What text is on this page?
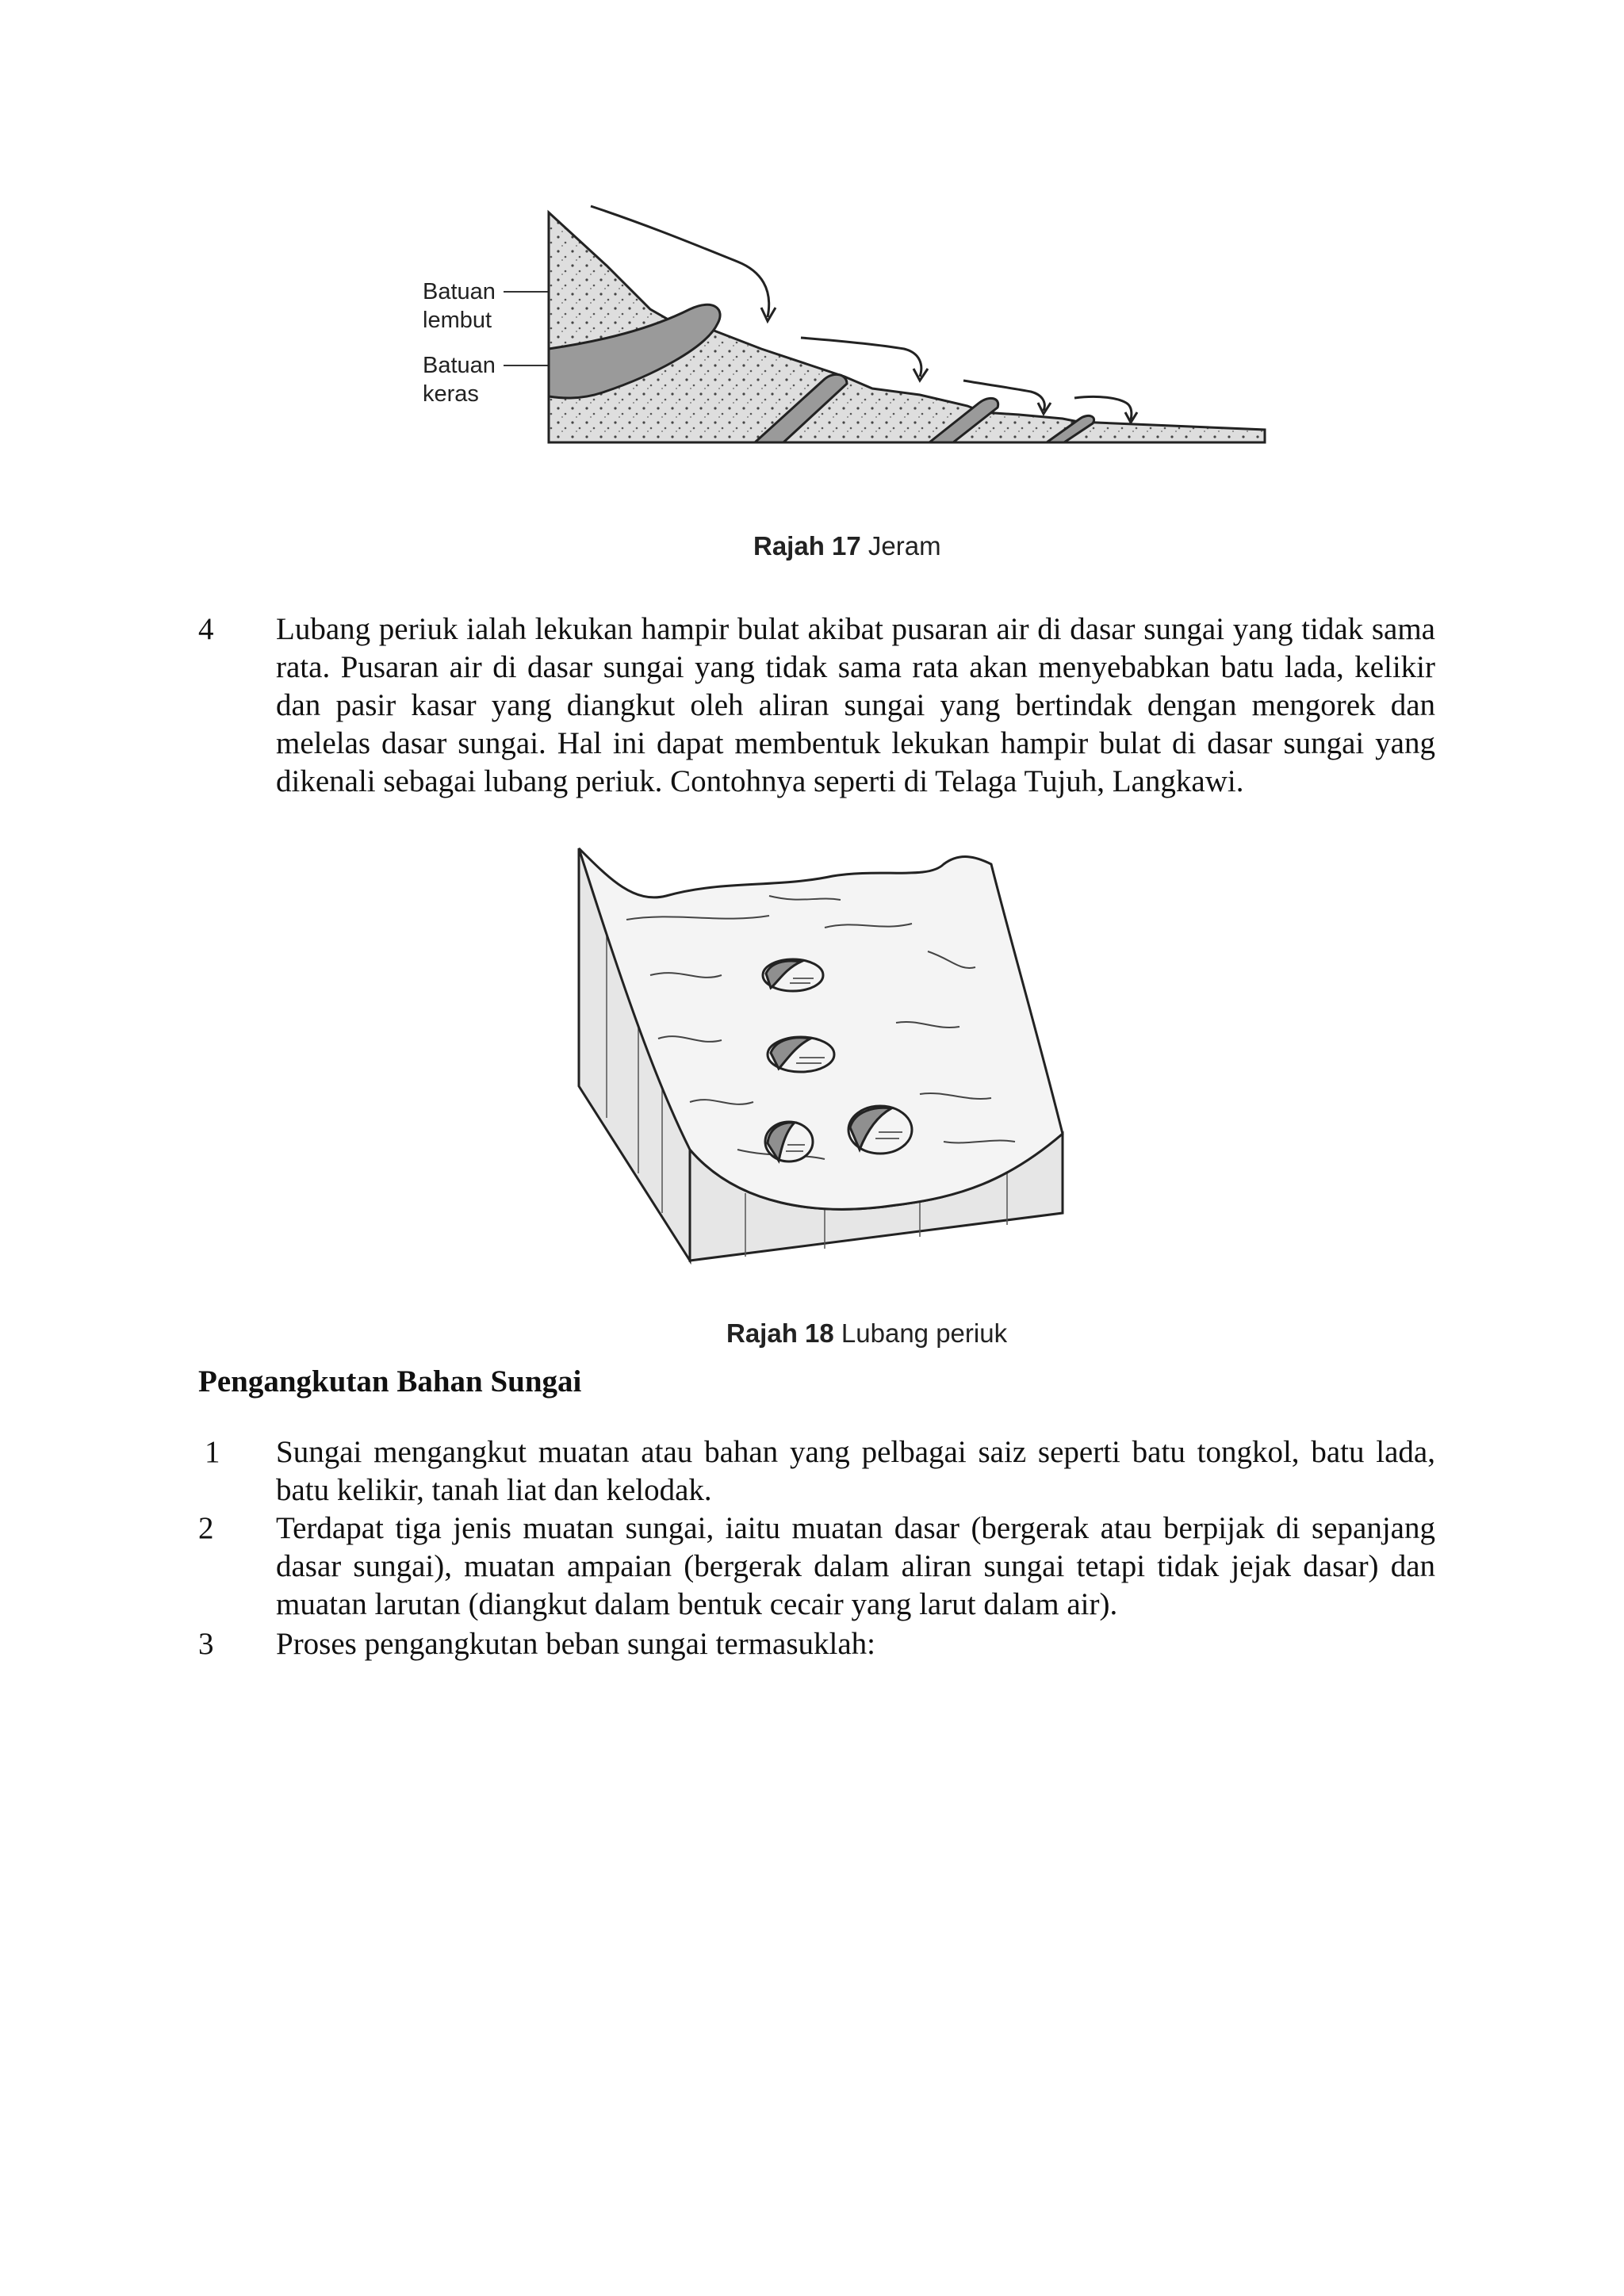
Batuan
lembut
Batuan
keras
Rajah 17 Jeram
4 Lubang periuk ialah lekukan hampir bulat akibat pusaran air di dasar sungai yang tidak sama rata. Pusaran air di dasar sungai yang tidak sama rata akan menyebabkan batu lada, kelikir dan pasir kasar yang diangkut oleh aliran sungai yang bertindak dengan mengorek dan melelas dasar sungai. Hal ini dapat membentuk lekukan hampir bulat di dasar sungai yang dikenali sebagai lubang periuk. Contohnya seperti di Telaga Tujuh, Langkawi.
Rajah 18 Lubang periuk
Pengangkutan Bahan Sungai
1 Sungai mengangkut muatan atau bahan yang pelbagai saiz seperti batu tongkol, batu lada, batu kelikir, tanah liat dan kelodak.
2 Terdapat tiga jenis muatan sungai, iaitu muatan dasar (bergerak atau berpijak di sepanjang dasar sungai), muatan ampaian (bergerak dalam aliran sungai tetapi tidak jejak dasar) dan muatan larutan (diangkut dalam bentuk cecair yang larut dalam air).
3 Proses pengangkutan beban sungai termasuklah:
